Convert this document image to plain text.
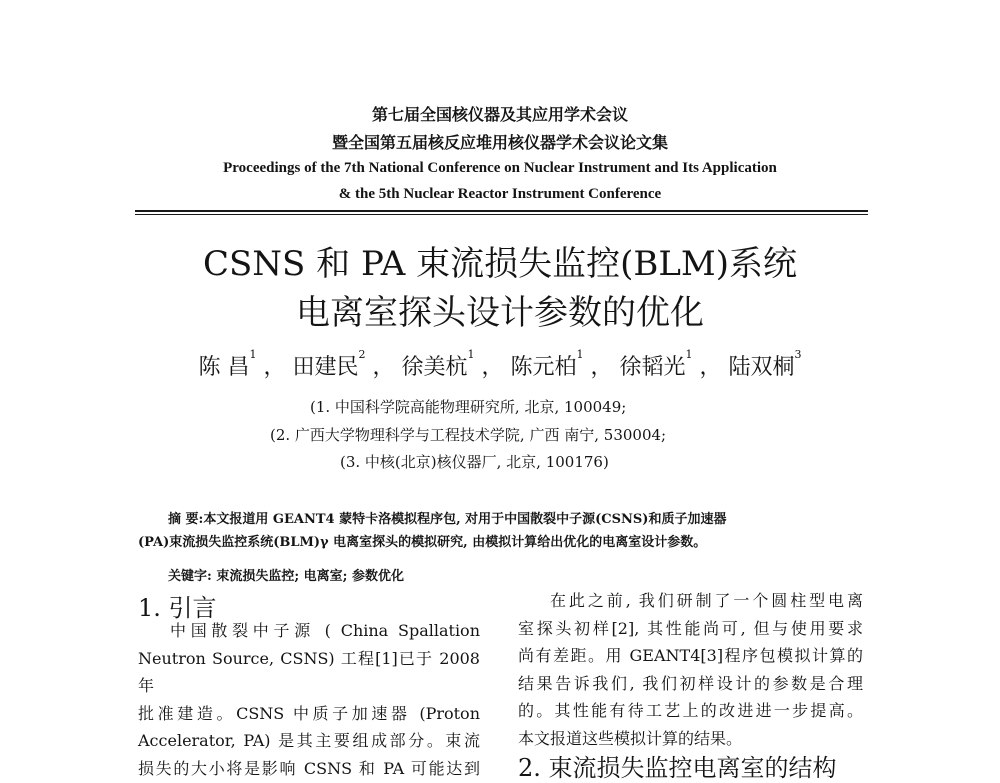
第七届全国核仪器及其应用学术会议
暨全国第五届核反应堆用核仪器学术会议论文集
Proceedings of the 7th National Conference on Nuclear Instrument and Its Application
& the 5th Nuclear Reactor Instrument Conference
CSNS 和 PA 束流损失监控(BLM)系统
电离室探头设计参数的优化
陈 昌$^1$ ， 田建民$^2$ ， 徐美杭$^1$ ， 陈元柏$^1$ ， 徐韬光$^1$ ， 陆双桐$^3$
(1. 中国科学院高能物理研究所, 北京, 100049;
(2. 广西大学物理科学与工程技术学院, 广西 南宁, 530004;
(3. 中核(北京)核仪器厂, 北京, 100176)

摘 要:本文报道用 GEANT4 蒙特卡洛模拟程序包, 对用于中国散裂中子源(CSNS)和质子加速器

(PA)束流损失监控系统(BLM)γ 电离室探头的模拟研究, 由模拟计算给出优化的电离室设计参数。

关键字: 束流损失监控; 电离室; 参数优化
1. 引言

中国散裂中子源 ( China Spallation

Neutron Source, CSNS) 工程[1]已于 2008 年

批准建造。CSNS 中质子加速器 (Proton

Accelerator, PA) 是其主要组成部分。束流

损失的大小将是影响 CSNS 和 PA 可能达到

在此之前, 我们研制了一个圆柱型电离

室探头初样[2], 其性能尚可, 但与使用要求

尚有差距。用 GEANT4[3]程序包模拟计算的

结果告诉我们, 我们初样设计的参数是合理

的。其性能有待工艺上的改进进一步提高。

本文报道这些模拟计算的结果。

2. 束流损失监控电离室的结构
